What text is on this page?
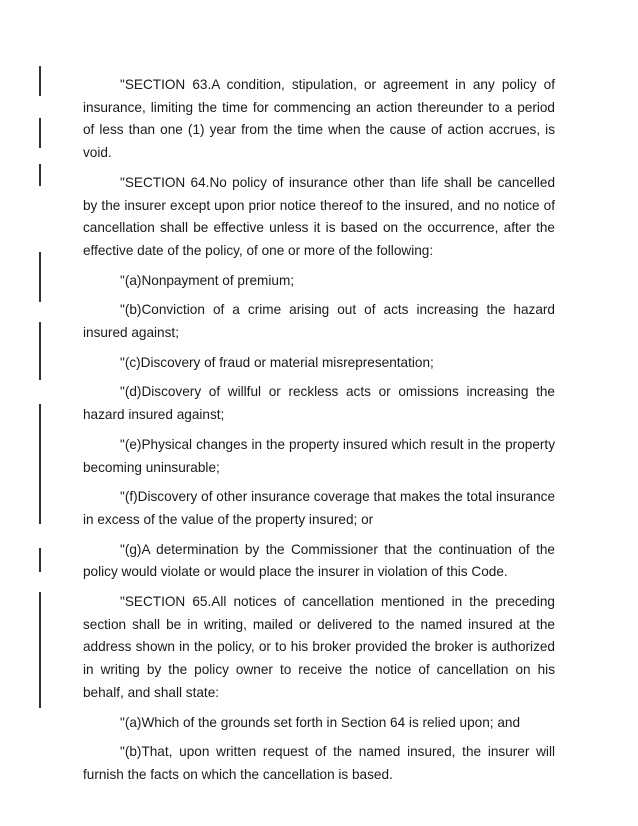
"SECTION 63.A condition, stipulation, or agreement in any policy of insurance, limiting the time for commencing an action thereunder to a period of less than one (1) year from the time when the cause of action accrues, is void.

"SECTION 64.No policy of insurance other than life shall be cancelled by the insurer except upon prior notice thereof to the insured, and no notice of cancellation shall be effective unless it is based on the occurrence, after the effective date of the policy, of one or more of the following:

"(a)Nonpayment of premium;

"(b)Conviction of a crime arising out of acts increasing the hazard insured against;

"(c)Discovery of fraud or material misrepresentation;

"(d)Discovery of willful or reckless acts or omissions increasing the hazard insured against;

"(e)Physical changes in the property insured which result in the property becoming uninsurable;

"(f)Discovery of other insurance coverage that makes the total insurance in excess of the value of the property insured; or

"(g)A determination by the Commissioner that the continuation of the policy would violate or would place the insurer in violation of this Code.

"SECTION 65.All notices of cancellation mentioned in the preceding section shall be in writing, mailed or delivered to the named insured at the address shown in the policy, or to his broker provided the broker is authorized in writing by the policy owner to receive the notice of cancellation on his behalf, and shall state:

"(a)Which of the grounds set forth in Section 64 is relied upon; and

"(b)That, upon written request of the named insured, the insurer will furnish the facts on which the cancellation is based.
